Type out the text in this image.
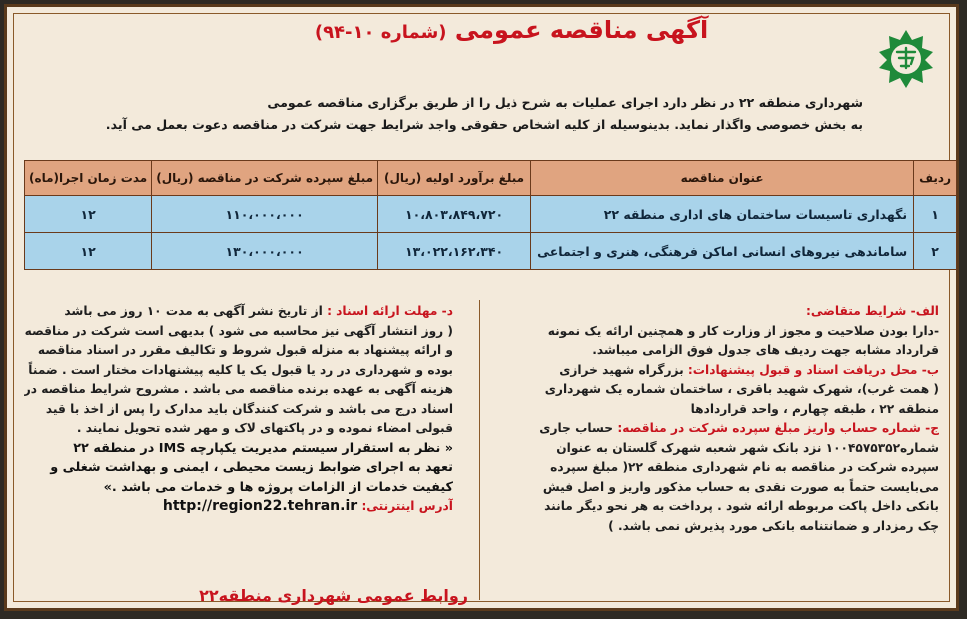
آگهی مناقصه عمومی (شماره ۱۰-۹۴)
شهرداری منطقه ۲۲ در نظر دارد اجرای عملیات به شرح ذیل را از طریق برگزاری مناقصه عمومی
به بخش خصوصی واگذار نماید. بدینوسیله از کلیه اشخاص حقوقی واجد شرایط جهت شرکت در مناقصه دعوت بعمل می آید.
ردیف	عنوان مناقصه	مبلغ برآورد اولیه (ریال)	مبلغ سپرده شرکت در مناقصه (ریال)	مدت زمان اجرا(ماه)
۱	نگهداری تاسیسات ساختمان های اداری منطقه ۲۲	۱۰،۸۰۳،۸۴۹،۷۲۰	۱۱۰،۰۰۰،۰۰۰	۱۲
۲	ساماندهی نیروهای انسانی اماکن فرهنگی، هنری و اجتماعی	۱۳،۰۲۲،۱۶۲،۳۴۰	۱۳۰،۰۰۰،۰۰۰	۱۲
الف- شرایط متقاضی:
-دارا بودن صلاحیت و مجوز از وزارت کار و همچنین ارائه یک نمونه
قرارداد مشابه جهت ردیف های جدول فوق الزامی میباشد.
ب- محل دریافت اسناد و قبول پیشنهادات: بزرگراه شهید خرازی
( همت غرب)، شهرک شهید باقری ، ساختمان شماره یک شهرداری
منطقه ۲۲ ، طبقه چهارم ، واحد قراردادها
ج- شماره حساب واریز مبلغ سپرده شرکت در مناقصه: حساب جاری
شماره۱۰۰۴۵۷۵۳۵۲ نزد بانک شهر شعبه شهرک گلستان به عنوان
سپرده شرکت در مناقصه به نام شهرداری منطقه ۲۲( مبلغ سپرده
می‌بایست حتماً به صورت نقدی به حساب مذکور واریز و اصل فیش
بانکی داخل پاکت مربوطه ارائه شود . پرداخت به هر نحو دیگر مانند
چک رمزدار و ضمانتنامه بانکی مورد پذیرش نمی باشد. )
د- مهلت ارائه اسناد : از تاریخ نشر آگهی به مدت ۱۰ روز می باشد
( روز انتشار آگهی نیز محاسبه می شود ) بدیهی است شرکت در مناقصه
و ارائه پیشنهاد به منزله قبول شروط و تکالیف مقرر در اسناد مناقصه
بوده و شهرداری در رد یا قبول یک یا کلیه پیشنهادات مختار است . ضمناً
هزینه آگهی به عهده برنده مناقصه می باشد . مشروح شرایط مناقصه در
اسناد درج می باشد و شرکت کنندگان باید مدارک را پس از اخذ با قید
قبولی امضاء نموده و در پاکتهای لاک و مهر شده تحویل نمایند .
« نظر به استقرار سیستم مدیریت یکپارچه IMS در منطقه ۲۲
تعهد به اجرای ضوابط زیست محیطی ، ایمنی و بهداشت شغلی و
کیفیت خدمات از الزامات پروژه ها و خدمات می باشد .»
آدرس اینترنتی: http://region22.tehran.ir
روابط عمومی شهرداری منطقه۲۲
